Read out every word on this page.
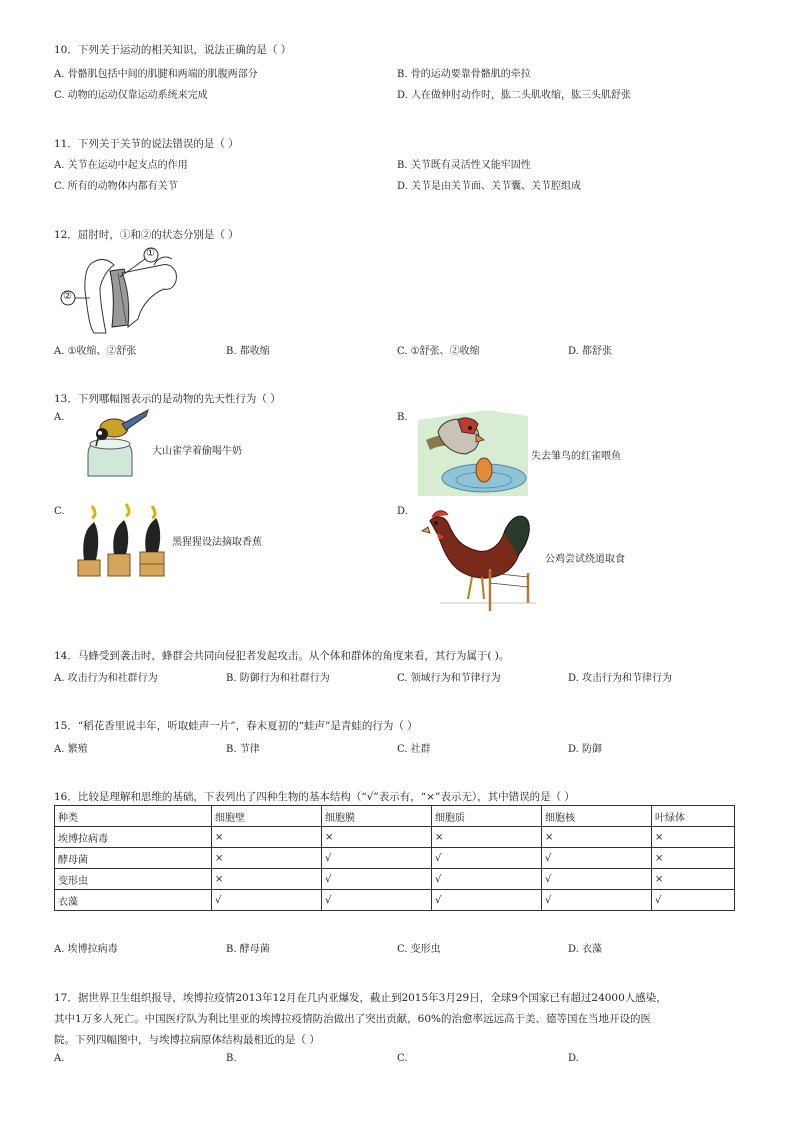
10．下列关于运动的相关知识，说法正确的是（ ）
A. 骨骼肌包括中间的肌腱和两端的肌腹两部分	B. 骨的运动要靠骨骼肌的牵拉
C. 动物的运动仅靠运动系统来完成	D. 人在做伸肘动作时，肱二头肌收缩，肱三头肌舒张
11．下列关于关节的说法错误的是（ ）
A. 关节在运动中起支点的作用	B. 关节既有灵活性又能牢固性
C. 所有的动物体内都有关节	D. 关节是由关节面、关节囊、关节腔组成
12．屈肘时，①和②的状态分别是（ ）
①
②
A. ①收缩、②舒张	B. 都收缩	C. ①舒张、②收缩	D. 都舒张
13．下列哪幅图表示的是动物的先天性行为（ ）
A.
大山雀学着偷喝牛奶
B.
失去雏鸟的红雀喂鱼
C.
黑猩猩设法摘取香蕉
D.
公鸡尝试绕道取食
14．马蜂受到袭击时，蜂群会共同向侵犯者发起攻击。从个体和群体的角度来看，其行为属于( )。
A. 攻击行为和社群行为	B. 防御行为和社群行为	C. 领域行为和节律行为	D. 攻击行为和节律行为
15．“稻花香里说丰年，听取蛙声一片”，春末夏初的“蛙声”是青蛙的行为（ ）
A. 繁殖	B. 节律	C. 社群	D. 防御
16．比较是理解和思维的基础，下表列出了四种生物的基本结构（“√”表示有，“×”表示无），其中错误的是（ ）
种类	细胞壁	细胞膜	细胞质	细胞核	叶绿体
埃博拉病毒	×	×	×	×	×
酵母菌	×	√	√	√	×
变形虫	×	√	√	√	×
衣藻	√	√	√	√	√
A. 埃博拉病毒	B. 酵母菌	C. 变形虫	D. 衣藻
17．据世界卫生组织报导，埃博拉疫情2013年12月在几内亚爆发，截止到2015年3月29日，全球9个国家已有超过24000人感染，
其中1万多人死亡。中国医疗队为利比里亚的埃博拉疫情防治做出了突出贡献，60%的治愈率远远高于美、德等国在当地开设的医
院。下列四幅图中，与埃博拉病原体结构最相近的是（ ）
A.	B.	C.	D.
